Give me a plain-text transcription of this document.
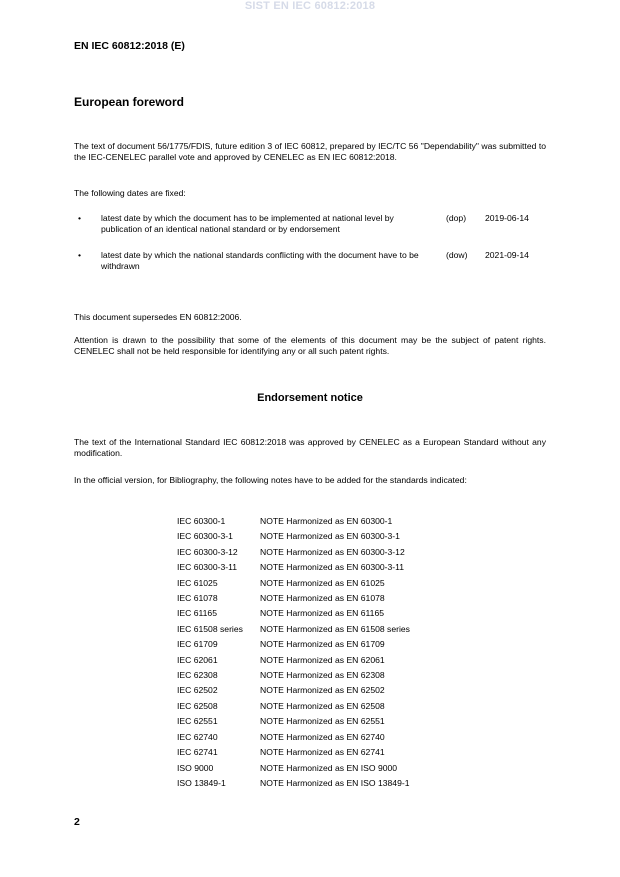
SIST EN IEC 60812:2018
EN IEC 60812:2018 (E)
European foreword
The text of document 56/1775/FDIS, future edition 3 of IEC 60812, prepared by IEC/TC 56 "Dependability" was submitted to the IEC-CENELEC parallel vote and approved by CENELEC as EN IEC 60812:2018.
The following dates are fixed:
• latest date by which the document has to be implemented at national level by publication of an identical national standard or by endorsement
(dop) 2019-06-14
• latest date by which the national standards conflicting with the document have to be withdrawn
(dow) 2021-09-14
This document supersedes EN 60812:2006.
Attention is drawn to the possibility that some of the elements of this document may be the subject of patent rights. CENELEC shall not be held responsible for identifying any or all such patent rights.
Endorsement notice
The text of the International Standard IEC 60812:2018 was approved by CENELEC as a European Standard without any modification.
In the official version, for Bibliography, the following notes have to be added for the standards indicated:
IEC 60300-1	NOTE Harmonized as EN 60300-1
IEC 60300-3-1	NOTE Harmonized as EN 60300-3-1
IEC 60300-3-12	NOTE Harmonized as EN 60300-3-12
IEC 60300-3-11	NOTE Harmonized as EN 60300-3-11
IEC 61025	NOTE Harmonized as EN 61025
IEC 61078	NOTE Harmonized as EN 61078
IEC 61165	NOTE Harmonized as EN 61165
IEC 61508 series	NOTE Harmonized as EN 61508 series
IEC 61709	NOTE Harmonized as EN 61709
IEC 62061	NOTE Harmonized as EN 62061
IEC 62308	NOTE Harmonized as EN 62308
IEC 62502	NOTE Harmonized as EN 62502
IEC 62508	NOTE Harmonized as EN 62508
IEC 62551	NOTE Harmonized as EN 62551
IEC 62740	NOTE Harmonized as EN 62740
IEC 62741	NOTE Harmonized as EN 62741
ISO 9000	NOTE Harmonized as EN ISO 9000
ISO 13849-1	NOTE Harmonized as EN ISO 13849-1
2
